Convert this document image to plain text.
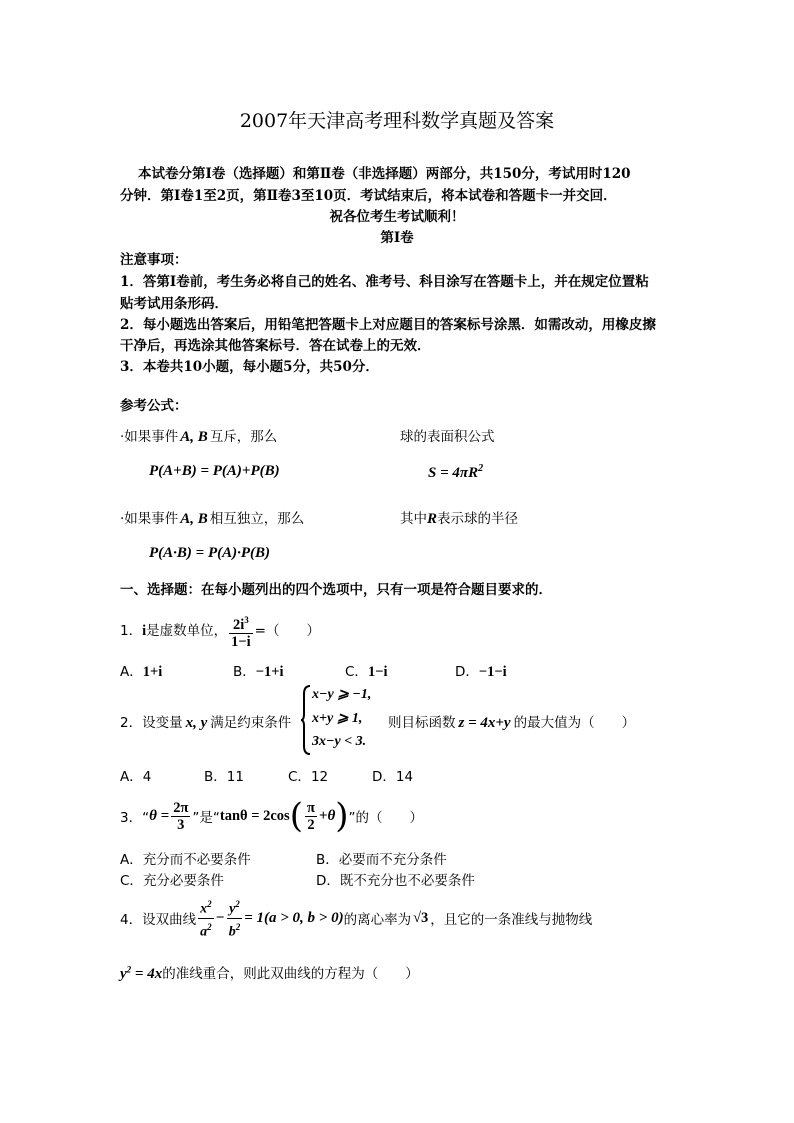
2007年天津高考理科数学真题及答案
本试卷分第Ⅰ卷（选择题）和第Ⅱ卷（非选择题）两部分，共150分，考试用时120
分钟．第Ⅰ卷1至2页，第Ⅱ卷3至10页．考试结束后，将本试卷和答题卡一并交回．
祝各位考生考试顺利！
第Ⅰ卷
注意事项：
1．答第Ⅰ卷前，考生务必将自己的姓名、准考号、科目涂写在答题卡上，并在规定位置粘
贴考试用条形码．
2．每小题选出答案后，用铅笔把答题卡上对应题目的答案标号涂黑．如需改动，用橡皮擦
干净后，再选涂其他答案标号．答在试卷上的无效．
3．本卷共10小题，每小题5分，共50分．
参考公式：
·如果事件 A, B 互斥，那么	球的表面积公式
P(A+B) = P(A)+P(B)	$S = 4\pi R^2$
·如果事件 A, B 相互独立，那么	其中R表示球的半径
P(A·B) = P(A)·P(B)
一、选择题：在每小题列出的四个选项中，只有一项是符合题目要求的．
1．i是虚数单位， $\frac{2i^3}{1-i}$ =（　　）
A．1+i	B．−1+i	C．1−i	D．−1−i
2．设变量 x, y 满足约束条件
x−y ⩾ −1,
x+y ⩾ 1,
3x−y < 3.
则目标函数 z = 4x+y 的最大值为（　　）
A．4	B．11	C．12	D．14
3．“ $\theta = \frac{2\pi}{3}$ ”是“ tanθ = 2cos ( $\frac{\pi}{2} +\theta$ ) ”的（　　）
A．充分而不必要条件	B．必要而不充分条件
C．充分必要条件	D．既不充分也不必要条件
4．设双曲线 $\frac{x^2}{a^2} - \frac{y^2}{b^2} = 1(a > 0$, b > 0) 的离心率为 √3 ，且它的一条准线与抛物线
$y^2 = 4x$的准线重合，则此双曲线的方程为（　　）
